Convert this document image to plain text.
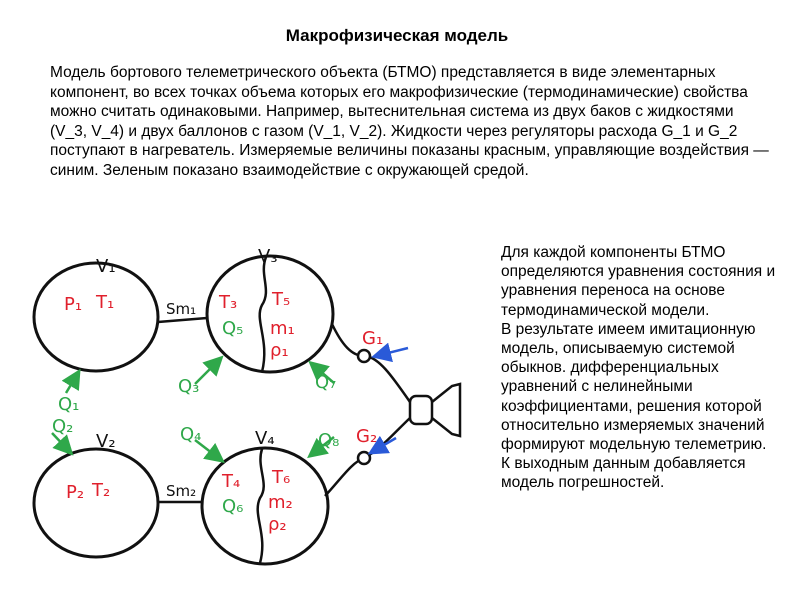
Макрофизическая модель
Модель бортового телеметрического объекта (БТМО) представляется в виде элементарных компонент, во всех точках объема которых его макрофизические (термодинамические) свойства можно считать одинаковыми. Например, вытеснительная система из двух баков с жидкостями (V_3, V_4) и двух баллонов с газом (V_1, V_2). Жидкости через регуляторы расхода G_1 и G_2 поступают в нагреватель. Измеряемые величины показаны красным, управляющие воздействия — синим. Зеленым показано взаимодействие с окружающей средой.

Для каждой компоненты БТМО определяются уравнения состояния и уравнения переноса на основе термодинамической модели.

В результате имеем имитационную модель, описываемую системой обыкнов. дифференциальных уравнений с нелинейными коэффициентами, решения которой относительно измеряемых значений формируют модельную телеметрию.

К выходным данным добавляется модель погрешностей.

V₁
V₂
V₃
V₄
Sm₁
Sm₂
P₁ T₁
P₂ T₂
T₃ T₅
T₄ T₆
m₁
ρ₁
m₂
ρ₂
G₁
G₂
Q₁
Q₂
Q₃
Q₄
Q₅
Q₆
Q₇
Q₈
